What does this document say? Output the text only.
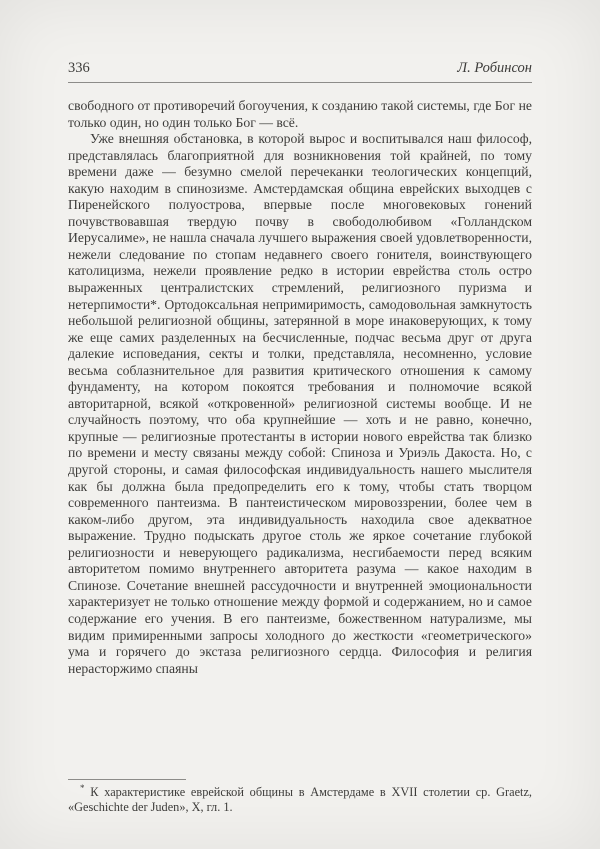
336	Л. Робинсон

свободного от противоречий богоучения, к созданию такой системы, где Бог не только один, но один только Бог — всё.

Уже внешняя обстановка, в которой вырос и воспитывался наш философ, представлялась благоприятной для возникновения той крайней, по тому времени даже — безумно смелой перечеканки теологических концепций, какую находим в спинозизме. Амстердамская община еврейских выходцев с Пиренейского полуострова, впервые после многовековых гонений почувствовавшая твердую почву в свободолюбивом «Голландском Иерусалиме», не нашла сначала лучшего выражения своей удовлетворенности, нежели следование по стопам недавнего своего гонителя, воинствующего католицизма, нежели проявление редко в истории еврейства столь остро выраженных централистских стремлений, религиозного пуризма и нетерпимости*. Ортодоксальная непримиримость, самодовольная замкнутость небольшой религиозной общины, затерянной в море инаковерующих, к тому же еще самих разделенных на бесчисленные, подчас весьма друг от друга далекие исповедания, секты и толки, представляла, несомненно, условие весьма соблазнительное для развития критического отношения к самому фундаменту, на котором покоятся требования и полномочие всякой авторитарной, всякой «откровенной» религиозной системы вообще. И не случайность поэтому, что оба крупнейшие — хоть и не равно, конечно, крупные — религиозные протестанты в истории нового еврейства так близко по времени и месту связаны между собой: Спиноза и Уриэль Дакоста. Но, с другой стороны, и самая философская индивидуальность нашего мыслителя как бы должна была предопределить его к тому, чтобы стать творцом современного пантеизма. В пантеистическом мировоззрении, более чем в каком-либо другом, эта индивидуальность находила свое адекватное выражение. Трудно подыскать другое столь же яркое сочетание глубокой религиозности и неверующего радикализма, несгибаемости перед всяким авторитетом помимо внутреннего авторитета разума — какое находим в Спинозе. Сочетание внешней рассудочности и внутренней эмоциональности характеризует не только отношение между формой и содержанием, но и самое содержание его учения. В его пантеизме, божественном натурализме, мы видим примиренными запросы холодного до жесткости «геометрического» ума и горячего до экстаза религиозного сердца. Философия и религия нерасторжимо спаяны

* К характеристике еврейской общины в Амстердаме в XVII столетии ср. Graetz, «Geschichte der Juden», X, гл. 1.
